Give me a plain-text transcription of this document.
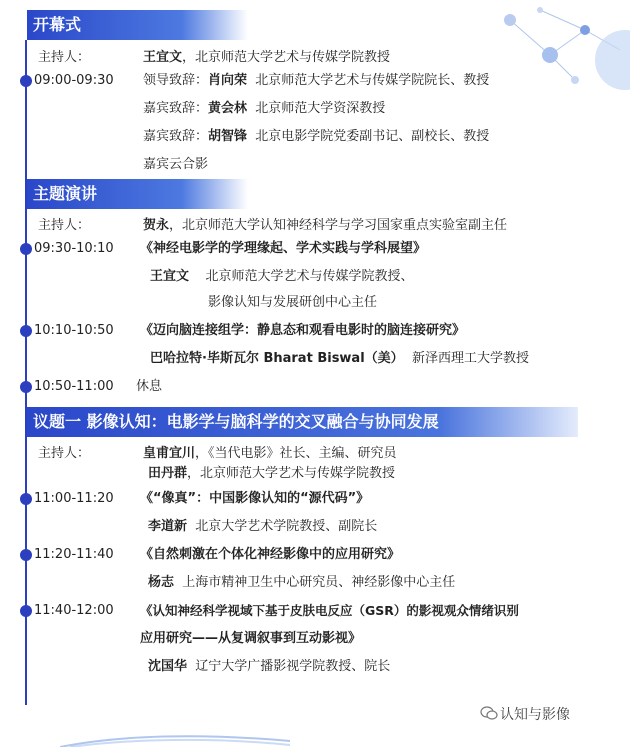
开幕式
主持人：	王宜文，北京师范大学艺术与传媒学院教授
09:00-09:30 领导致辞：肖向荣 北京师范大学艺术与传媒学院院长、教授
嘉宾致辞：黄会林 北京师范大学资深教授
嘉宾致辞：胡智锋 北京电影学院党委副书记、副校长、教授
嘉宾云合影
主题演讲
主持人：	贺永，北京师范大学认知神经科学与学习国家重点实验室副主任
09:30-10:10 《神经电影学的学理缘起、学术实践与学科展望》
王宜文 北京师范大学艺术与传媒学院教授、
影像认知与发展研创中心主任
10:10-10:50 《迈向脑连接组学：静息态和观看电影时的脑连接研究》
巴哈拉特·毕斯瓦尔 Bharat Biswal（美） 新泽西理工大学教授
10:50-11:00 休息
议题一 影像认知：电影学与脑科学的交叉融合与协同发展
主持人：	皇甫宜川，《当代电影》社长、主编、研究员
田丹群，北京师范大学艺术与传媒学院教授
11:00-11:20 《“像真”：中国影像认知的“源代码”》
李道新 北京大学艺术学院教授、副院长
11:20-11:40 《自然刺激在个体化神经影像中的应用研究》
杨志 上海市精神卫生中心研究员、神经影像中心主任
11:40-12:00 《认知神经科学视域下基于皮肤电反应（GSR）的影视观众情绪识别
应用研究——从复调叙事到互动影视》
沈国华 辽宁大学广播影视学院教授、院长
认知与影像
